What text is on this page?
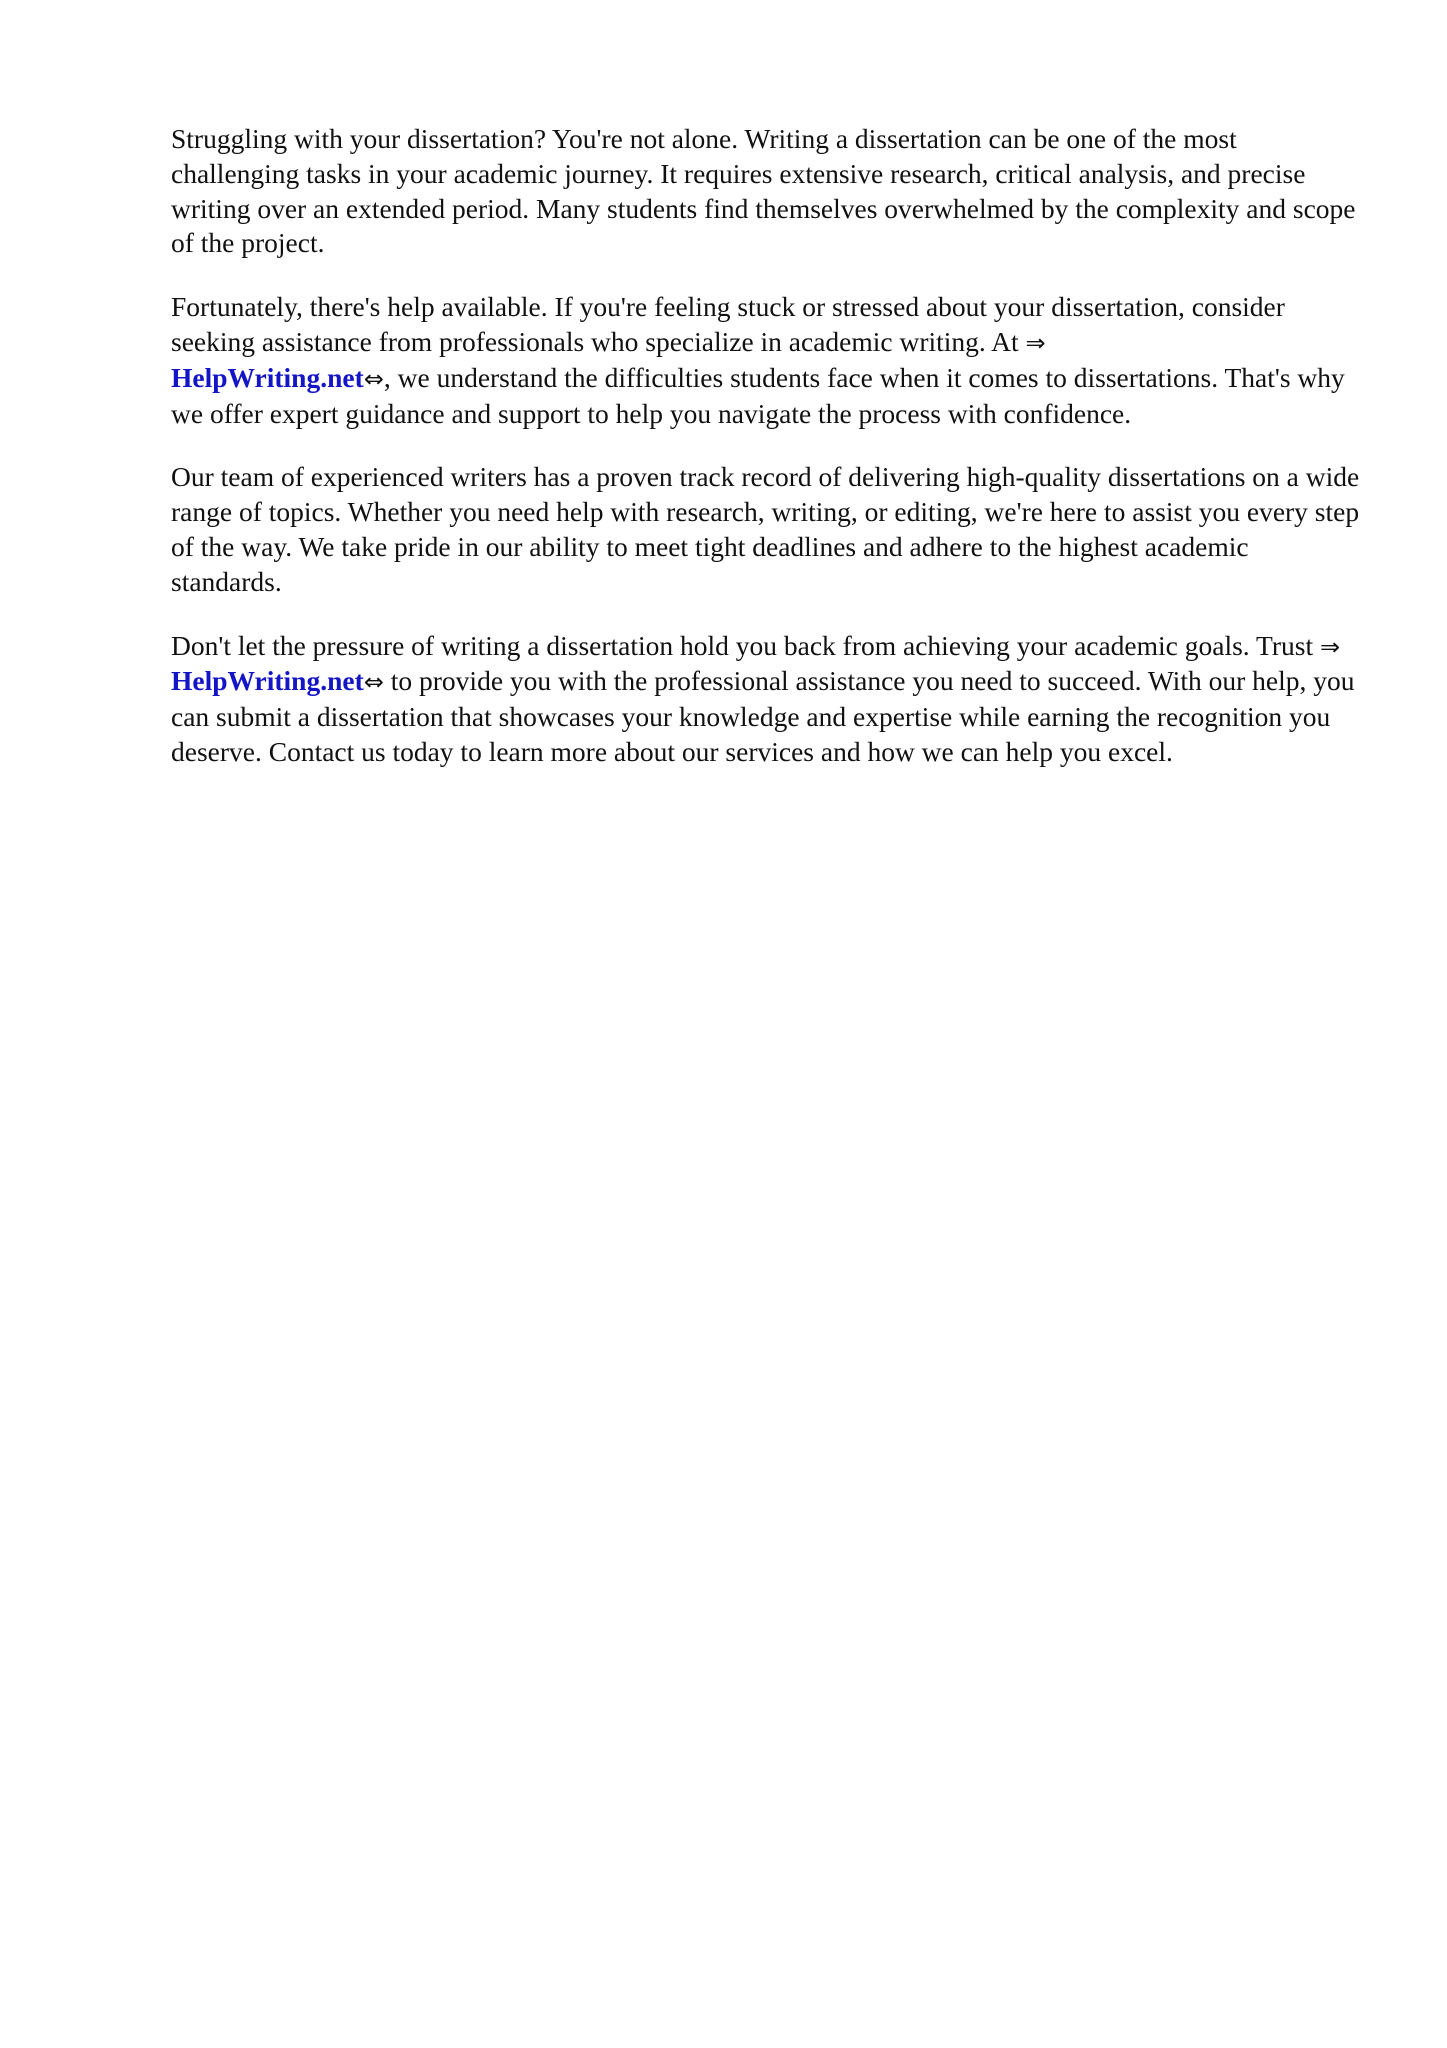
Struggling with your dissertation? You're not alone. Writing a dissertation can be one of the most challenging tasks in your academic journey. It requires extensive research, critical analysis, and precise writing over an extended period. Many students find themselves overwhelmed by the complexity and scope of the project.

Fortunately, there's help available. If you're feeling stuck or stressed about your dissertation, consider seeking assistance from professionals who specialize in academic writing. At ⇒
HelpWriting.net⇔, we understand the difficulties students face when it comes to dissertations. That's why we offer expert guidance and support to help you navigate the process with confidence.

Our team of experienced writers has a proven track record of delivering high-quality dissertations on a wide range of topics. Whether you need help with research, writing, or editing, we're here to assist you every step of the way. We take pride in our ability to meet tight deadlines and adhere to the highest academic standards.

Don't let the pressure of writing a dissertation hold you back from achieving your academic goals. Trust ⇒ HelpWriting.net⇔ to provide you with the professional assistance you need to succeed. With our help, you can submit a dissertation that showcases your knowledge and expertise while earning the recognition you deserve. Contact us today to learn more about our services and how we can help you excel.
